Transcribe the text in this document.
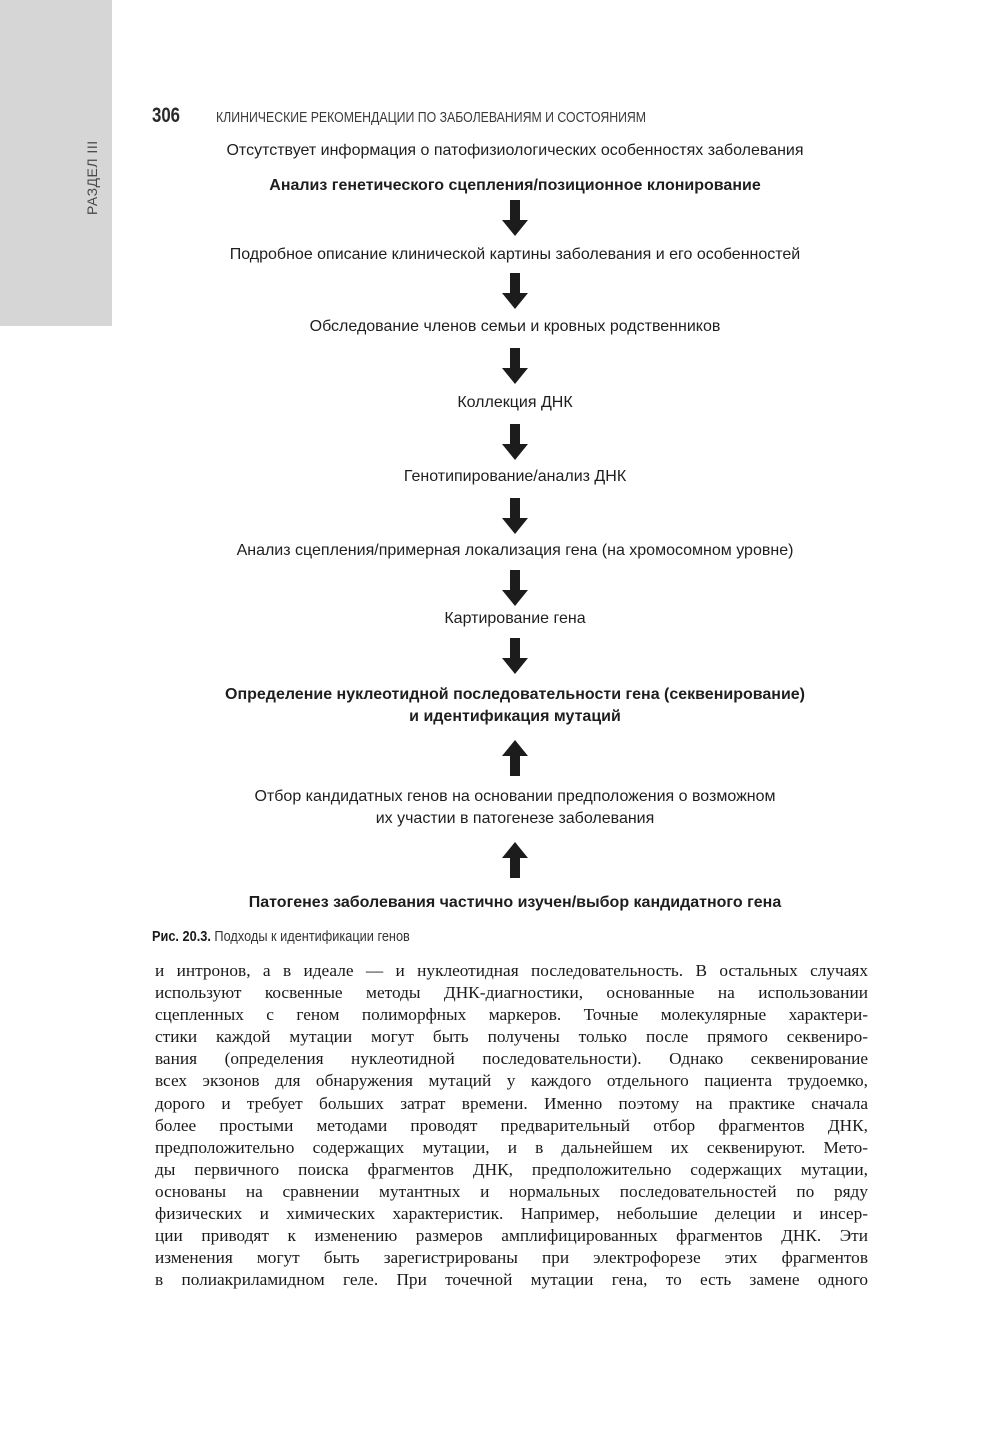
РАЗДЕЛ III
306	КЛИНИЧЕСКИЕ РЕКОМЕНДАЦИИ ПО ЗАБОЛЕВАНИЯМ И СОСТОЯНИЯМ
Отсутствует информация о патофизиологических особенностях заболевания
Анализ генетического сцепления/позиционное клонирование
Подробное описание клинической картины заболевания и его особенностей
Обследование членов семьи и кровных родственников
Коллекция ДНК
Генотипирование/анализ ДНК
Анализ сцепления/примерная локализация гена (на хромосомном уровне)
Картирование гена
Определение нуклеотидной последовательности гена (секвенирование)
и идентификация мутаций
Отбор кандидатных генов на основании предположения о возможном
их участии в патогенезе заболевания
Патогенез заболевания частично изучен/выбор кандидатного гена
Рис. 20.3. Подходы к идентификации генов
и интронов, а в идеале — и нуклеотидная последовательность. В остальных случаях
используют косвенные методы ДНК-диагностики, основанные на использовании
сцепленных с геном полиморфных маркеров. Точные молекулярные характери-
стики каждой мутации могут быть получены только после прямого секвениро-
вания (определения нуклеотидной последовательности). Однако секвенирование
всех экзонов для обнаружения мутаций у каждого отдельного пациента трудоемко,
дорого и требует больших затрат времени. Именно поэтому на практике сначала
более простыми методами проводят предварительный отбор фрагментов ДНК,
предположительно содержащих мутации, и в дальнейшем их секвенируют. Мето-
ды первичного поиска фрагментов ДНК, предположительно содержащих мутации,
основаны на сравнении мутантных и нормальных последовательностей по ряду
физических и химических характеристик. Например, небольшие делеции и инсер-
ции приводят к изменению размеров амплифицированных фрагментов ДНК. Эти
изменения могут быть зарегистрированы при электрофорезе этих фрагментов
в полиакриламидном геле. При точечной мутации гена, то есть замене одного
